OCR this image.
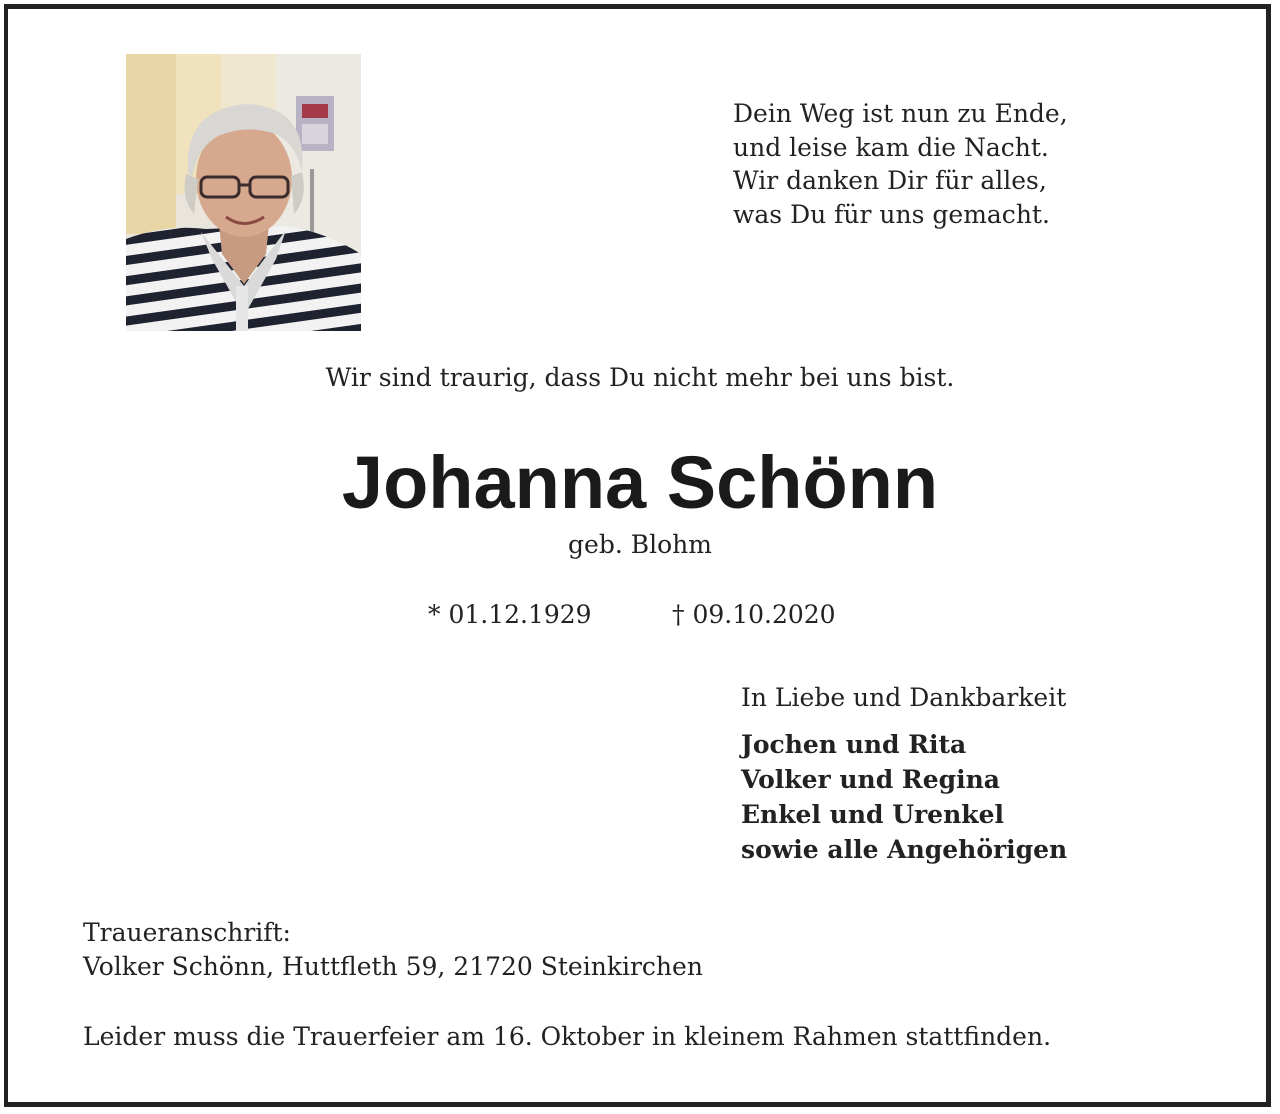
Dein Weg ist nun zu Ende,
und leise kam die Nacht.
Wir danken Dir für alles,
was Du für uns gemacht.
Wir sind traurig, dass Du nicht mehr bei uns bist.
Johanna Schönn
geb. Blohm
* 01.12.1929	† 09.10.2020
In Liebe und Dankbarkeit
Jochen und Rita
Volker und Regina
Enkel und Urenkel
sowie alle Angehörigen
Traueranschrift:
Volker Schönn, Huttfleth 59, 21720 Steinkirchen
Leider muss die Trauerfeier am 16. Oktober in kleinem Rahmen stattfinden.
